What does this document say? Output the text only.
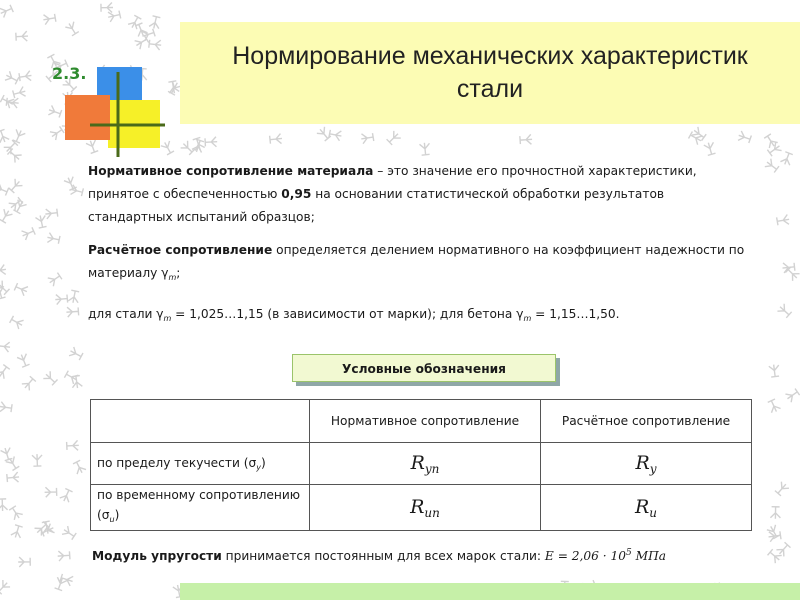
2.3.
Нормирование механических характеристик
стали

Нормативное сопротивление материала – это значение его прочностной характеристики, принятое с обеспеченностью 0,95 на основании статистической обработки результатов стандартных испытаний образцов;

Расчётное сопротивление определяется делением нормативного на коэффициент надежности по материалу $\gamma_m$;

для стали $\gamma_m$ = 1,025…1,15 (в зависимости от марки); для бетона $\gamma_m$ = 1,15…1,50.

Условные обозначения
	Нормативное сопротивление	Расчётное сопротивление
по пределу текучести $(\sigma_y)$	$R_{yn}$	$R_y$
по временному сопротивлению $(\sigma_u)$	$R_{un}$	$R_u$
Модуль упругости принимается постоянным для всех марок стали: $E = 2,06 \cdot 10^5$ МПа
